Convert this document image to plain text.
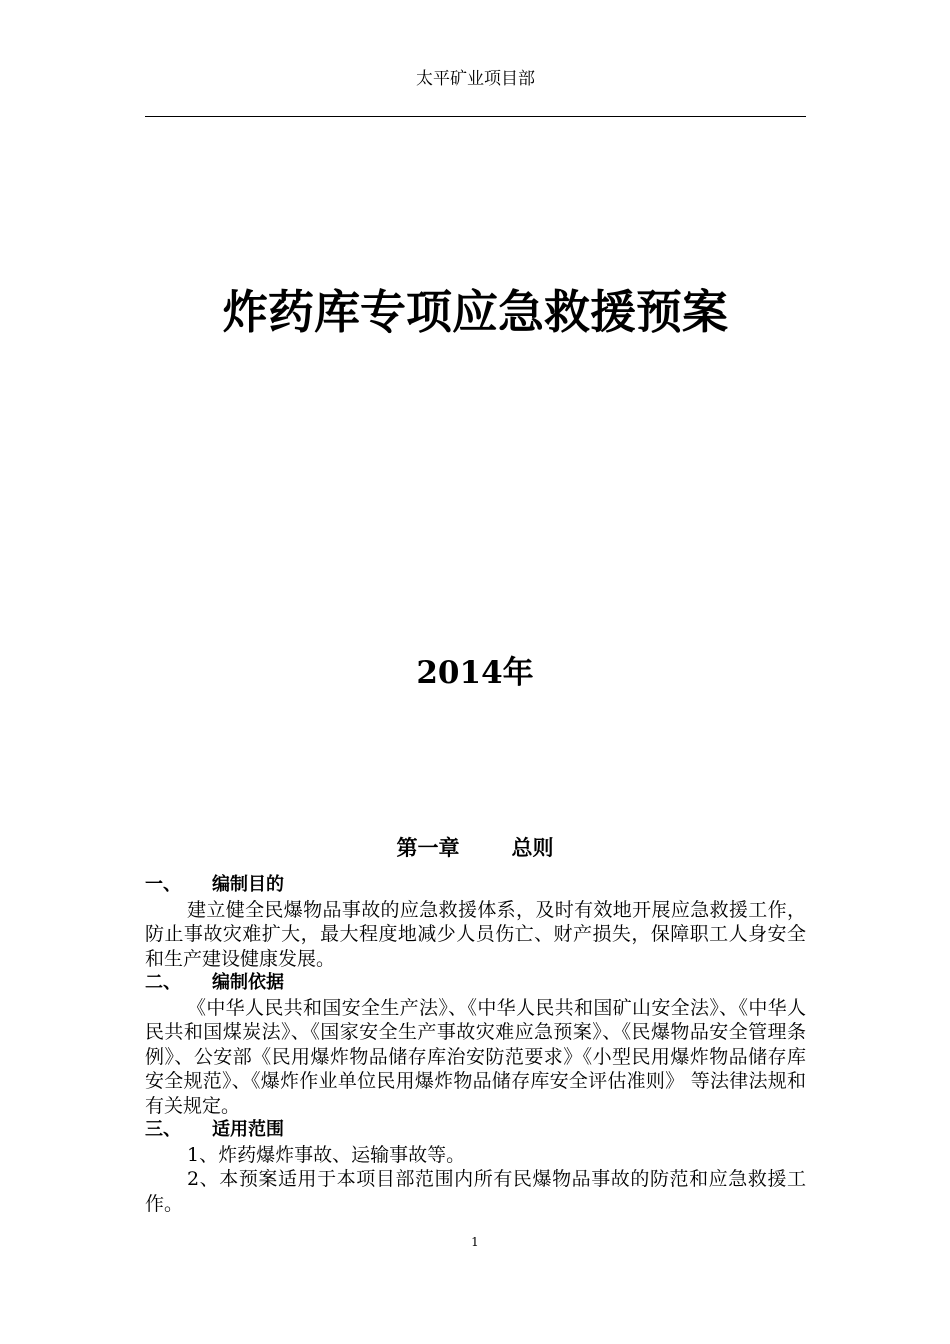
太平矿业项目部
炸药库专项应急救援预案
2014年
第一章 总则
一、 编制目的

建立健全民爆物品事故的应急救援体系，及时有效地开展应急救援工作，防止事故灾难扩大，最大程度地减少人员伤亡、财产损失，保障职工人身安全和生产建设健康发展。

二、 编制依据

《中华人民共和国安全生产法》、《中华人民共和国矿山安全法》、《中华人民共和国煤炭法》、《国家安全生产事故灾难应急预案》、《民爆物品安全管理条例》、公安部《民用爆炸物品储存库治安防范要求》《小型民用爆炸物品储存库安全规范》、《爆炸作业单位民用爆炸物品储存库安全评估准则》 等法律法规和有关规定。

三、 适用范围

1、炸药爆炸事故、运输事故等。

2、本预案适用于本项目部范围内所有民爆物品事故的防范和应急救援工作。

1
